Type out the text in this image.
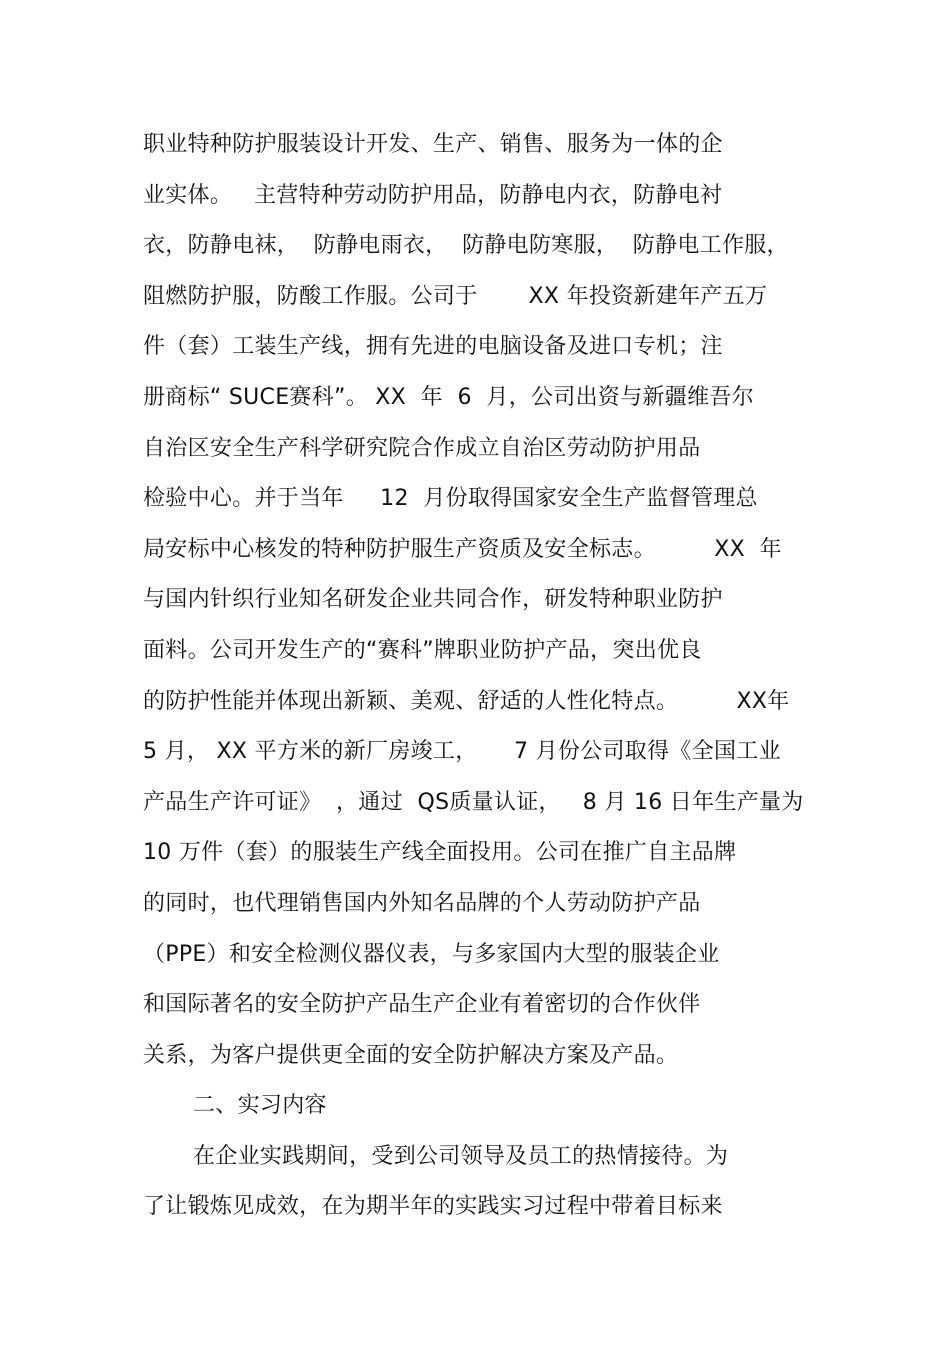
职业特种防护服装设计开发、生产、销售、服务为一体的企
业实体。   主营特种劳动防护用品，防静电内衣，防静电衬
衣，防静电袜，  防静电雨衣，  防静电防寒服，  防静电工作服，
阻燃防护服，防酸工作服。公司于       XX 年投资新建年产五万
件（套）工装生产线，拥有先进的电脑设备及进口专机；注
册商标“ SUCE赛科”。 XX  年  6  月，公司出资与新疆维吾尔
自治区安全生产科学研究院合作成立自治区劳动防护用品
检验中心。并于当年     12  月份取得国家安全生产监督管理总
局安标中心核发的特种防护服生产资质及安全标志。        XX  年
与国内针织行业知名研发企业共同合作，研发特种职业防护
面料。公司开发生产的“赛科”牌职业防护产品，突出优良
的防护性能并体现出新颖、美观、舒适的人性化特点。        XX年
5 月， XX 平方米的新厂房竣工，     7 月份公司取得《全国工业
产品生产许可证》  ，通过  QS质量认证，   8 月 16 日年生产量为
10 万件（套）的服装生产线全面投用。公司在推广自主品牌
的同时，也代理销售国内外知名品牌的个人劳动防护产品
（PPE）和安全检测仪器仪表，与多家国内大型的服装企业
和国际著名的安全防护产品生产企业有着密切的合作伙伴
关系，为客户提供更全面的安全防护解决方案及产品。
二、实习内容
在企业实践期间，受到公司领导及员工的热情接待。为
了让锻炼见成效，在为期半年的实践实习过程中带着目标来
